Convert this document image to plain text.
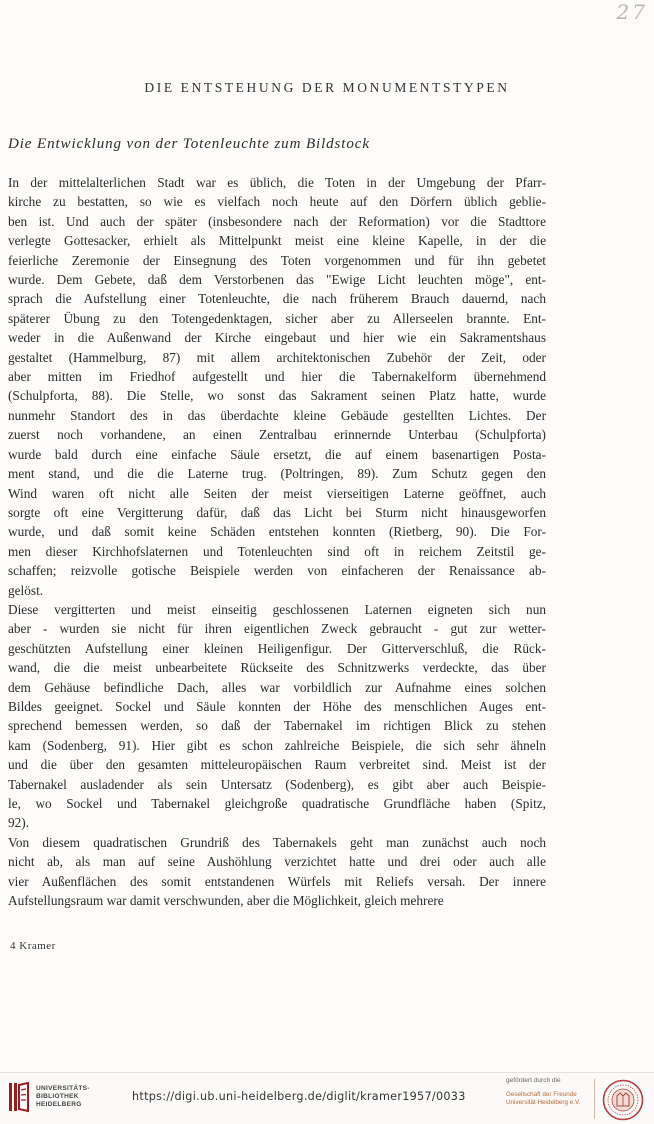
27
DIE ENTSTEHUNG DER MONUMENTSTYPEN
Die Entwicklung von der Totenleuchte zum Bildstock

In der mittelalterlichen Stadt war es üblich, die Toten in der Umgebung der Pfarr-

kirche zu bestatten, so wie es vielfach noch heute auf den Dörfern üblich geblie-

ben ist. Und auch der später (insbesondere nach der Reformation) vor die Stadttore

verlegte Gottesacker, erhielt als Mittelpunkt meist eine kleine Kapelle, in der die

feierliche Zeremonie der Einsegnung des Toten vorgenommen und für ihn gebetet

wurde. Dem Gebete, daß dem Verstorbenen das "Ewige Licht leuchten möge", ent-

sprach die Aufstellung einer Totenleuchte, die nach früherem Brauch dauernd, nach

späterer Übung zu den Totengedenktagen, sicher aber zu Allerseelen brannte. Ent-

weder in die Außenwand der Kirche eingebaut und hier wie ein Sakramentshaus

gestaltet (Hammelburg, 87) mit allem architektonischen Zubehör der Zeit, oder

aber mitten im Friedhof aufgestellt und hier die Tabernakelform übernehmend

(Schulpforta, 88). Die Stelle, wo sonst das Sakrament seinen Platz hatte, wurde

nunmehr Standort des in das überdachte kleine Gebäude gestellten Lichtes. Der

zuerst noch vorhandene, an einen Zentralbau erinnernde Unterbau (Schulpforta)

wurde bald durch eine einfache Säule ersetzt, die auf einem basenartigen Posta-

ment stand, und die die Laterne trug. (Poltringen, 89). Zum Schutz gegen den

Wind waren oft nicht alle Seiten der meist vierseitigen Laterne geöffnet, auch

sorgte oft eine Vergitterung dafür, daß das Licht bei Sturm nicht hinausgeworfen

wurde, und daß somit keine Schäden entstehen konnten (Rietberg, 90). Die For-

men dieser Kirchhofslaternen und Totenleuchten sind oft in reichem Zeitstil ge-

schaffen; reizvolle gotische Beispiele werden von einfacheren der Renaissance ab-

gelöst.

Diese vergitterten und meist einseitig geschlossenen Laternen eigneten sich nun

aber - wurden sie nicht für ihren eigentlichen Zweck gebraucht - gut zur wetter-

geschützten Aufstellung einer kleinen Heiligenfigur. Der Gitterverschluß, die Rück-

wand, die die meist unbearbeitete Rückseite des Schnitzwerks verdeckte, das über

dem Gehäuse befindliche Dach, alles war vorbildlich zur Aufnahme eines solchen

Bildes geeignet. Sockel und Säule konnten der Höhe des menschlichen Auges ent-

sprechend bemessen werden, so daß der Tabernakel im richtigen Blick zu stehen

kam (Sodenberg, 91). Hier gibt es schon zahlreiche Beispiele, die sich sehr ähneln

und die über den gesamten mitteleuropäischen Raum verbreitet sind. Meist ist der

Tabernakel ausladender als sein Untersatz (Sodenberg), es gibt aber auch Beispie-

le, wo Sockel und Tabernakel gleichgroße quadratische Grundfläche haben (Spitz,

92).

Von diesem quadratischen Grundriß des Tabernakels geht man zunächst auch noch

nicht ab, als man auf seine Aushöhlung verzichtet hatte und drei oder auch alle

vier Außenflächen des somit entstandenen Würfels mit Reliefs versah. Der innere

Aufstellungsraum war damit verschwunden, aber die Möglichkeit, gleich mehrere

4 Kramer
UNIVERSITÄTS-
BIBLIOTHEK
HEIDELBERG
https://digi.ub.uni-heidelberg.de/diglit/kramer1957/0033
gefördert durch die
Gesellschaft der Freunde
Universität Heidelberg e.V.
